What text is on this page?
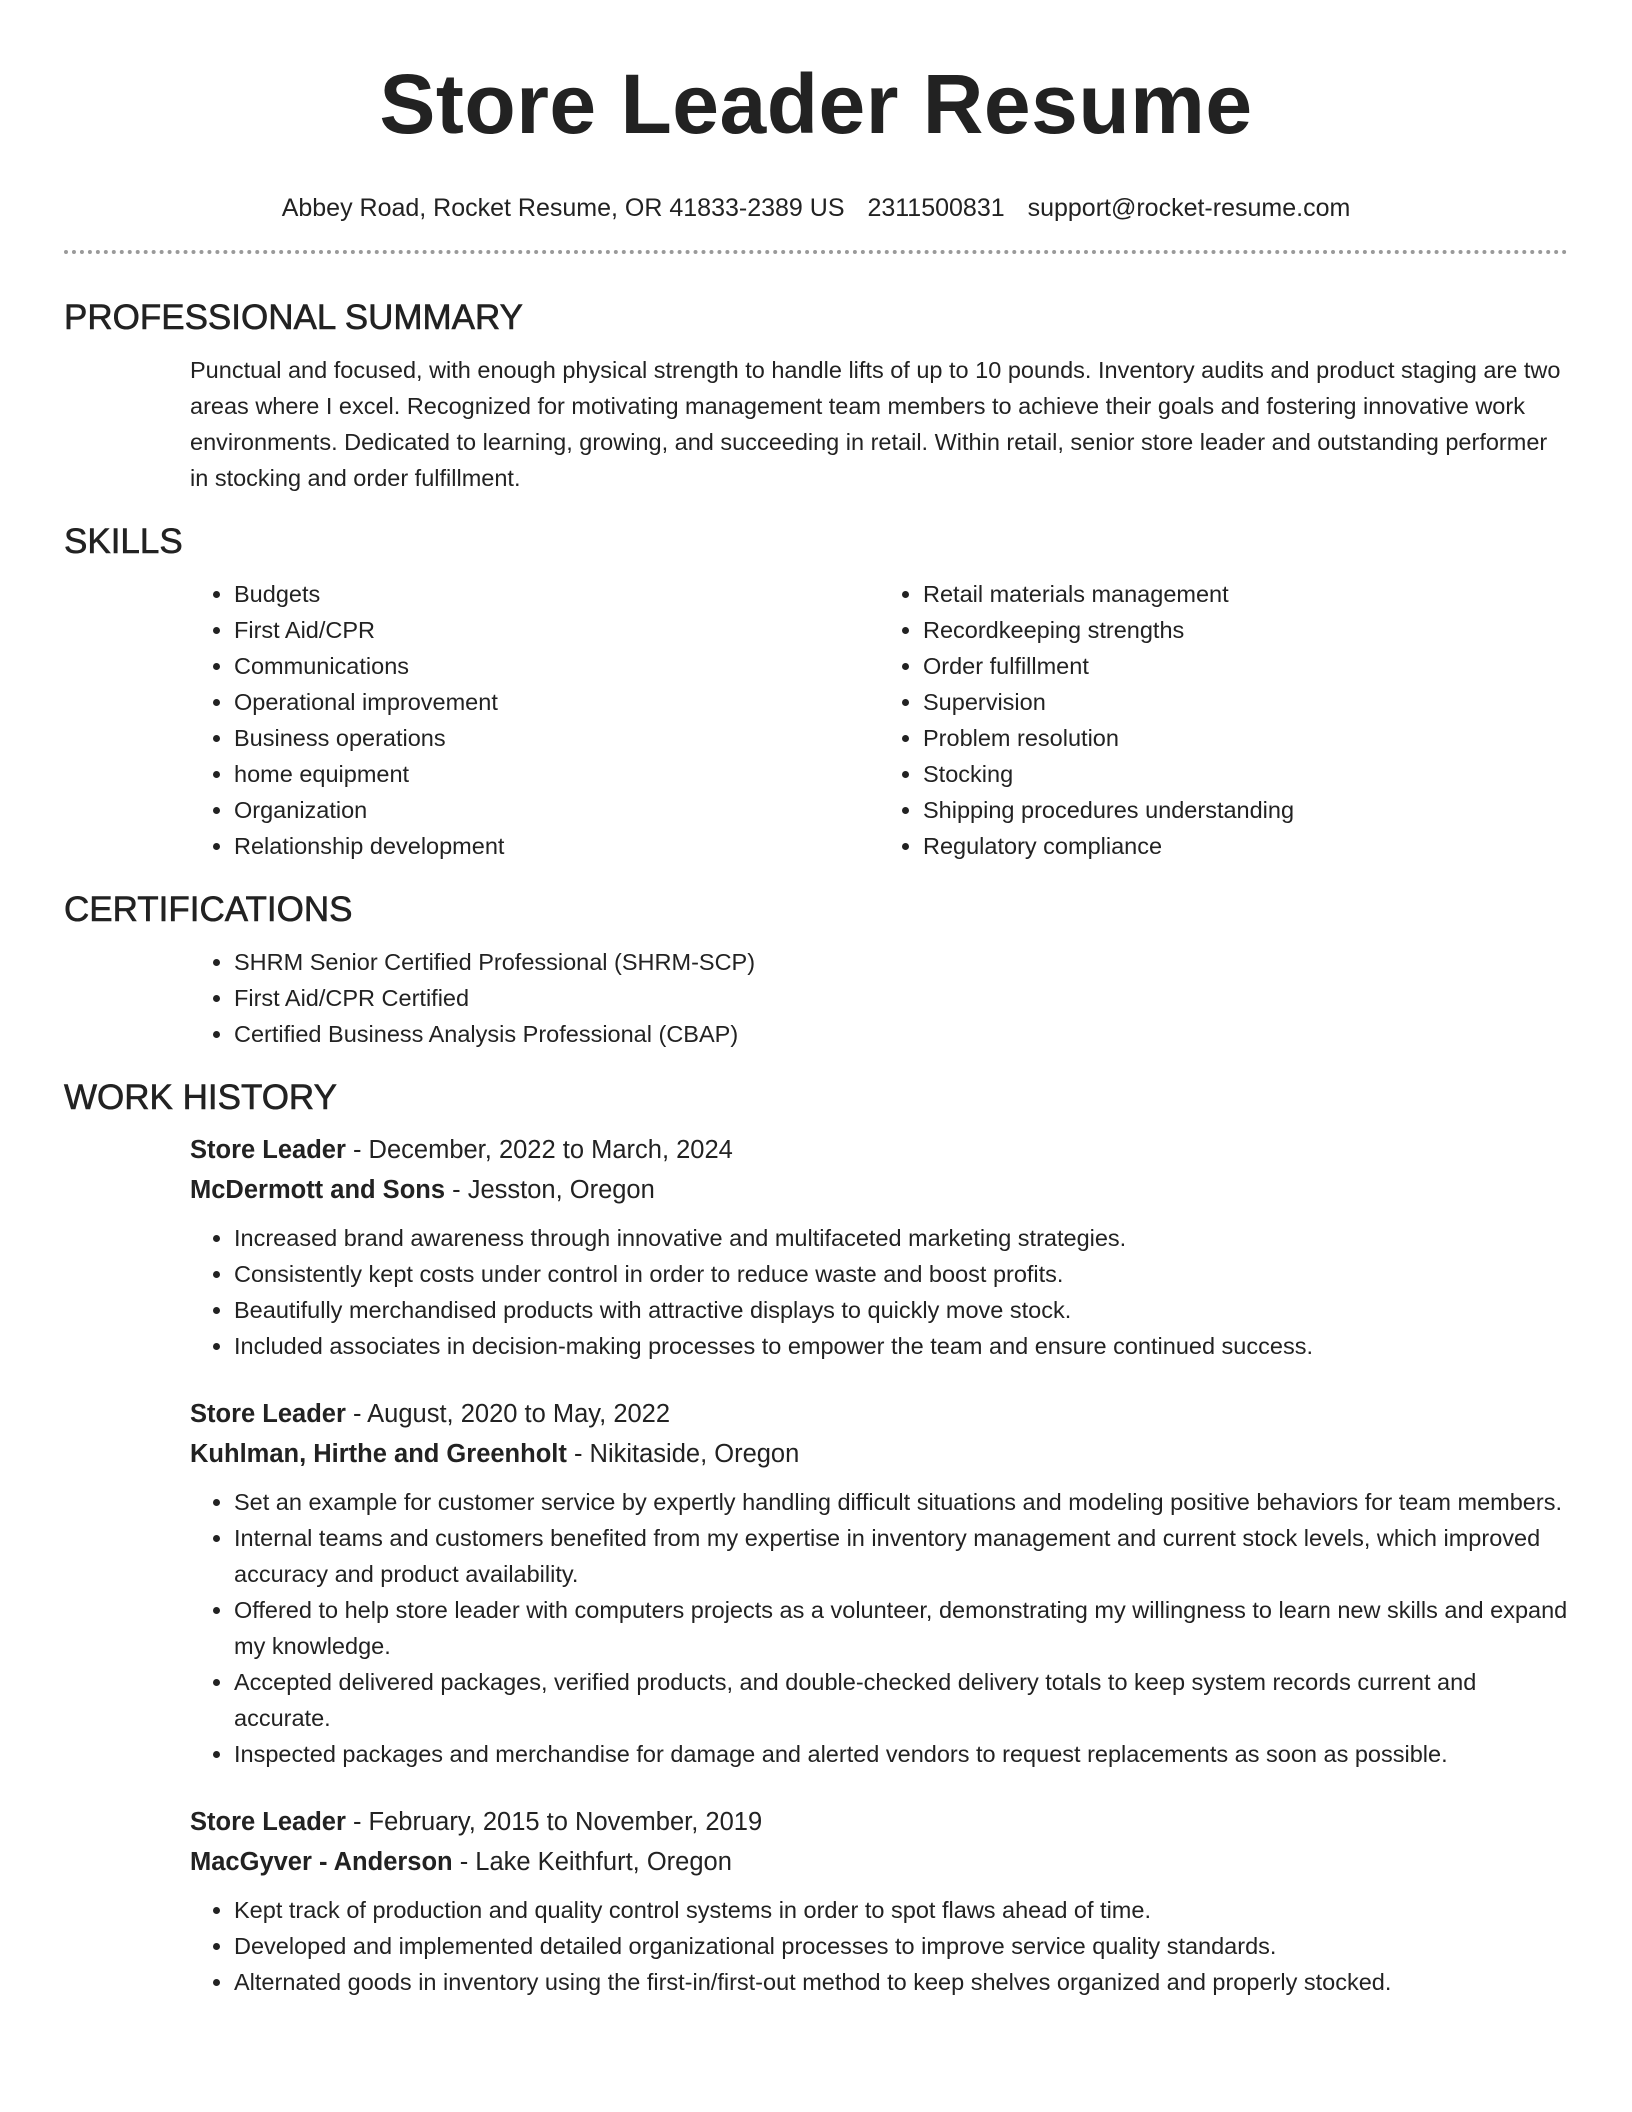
Store Leader Resume
Abbey Road, Rocket Resume, OR 41833-2389 US 2311500831 support@rocket-resume.com
PROFESSIONAL SUMMARY
Punctual and focused, with enough physical strength to handle lifts of up to 10 pounds. Inventory audits and product staging are two areas where I excel. Recognized for motivating management team members to achieve their goals and fostering innovative work environments. Dedicated to learning, growing, and succeeding in retail. Within retail, senior store leader and outstanding performer in stocking and order fulfillment.
SKILLS
• Budgets
• First Aid/CPR
• Communications
• Operational improvement
• Business operations
• home equipment
• Organization
• Relationship development
• Retail materials management
• Recordkeeping strengths
• Order fulfillment
• Supervision
• Problem resolution
• Stocking
• Shipping procedures understanding
• Regulatory compliance
CERTIFICATIONS
• SHRM Senior Certified Professional (SHRM-SCP)
• First Aid/CPR Certified
• Certified Business Analysis Professional (CBAP)
WORK HISTORY
Store Leader - December, 2022 to March, 2024
McDermott and Sons - Jesston, Oregon
• Increased brand awareness through innovative and multifaceted marketing strategies.
• Consistently kept costs under control in order to reduce waste and boost profits.
• Beautifully merchandised products with attractive displays to quickly move stock.
• Included associates in decision-making processes to empower the team and ensure continued success.
Store Leader - August, 2020 to May, 2022
Kuhlman, Hirthe and Greenholt - Nikitaside, Oregon
• Set an example for customer service by expertly handling difficult situations and modeling positive behaviors for team members.
• Internal teams and customers benefited from my expertise in inventory management and current stock levels, which improved accuracy and product availability.
• Offered to help store leader with computers projects as a volunteer, demonstrating my willingness to learn new skills and expand my knowledge.
• Accepted delivered packages, verified products, and double-checked delivery totals to keep system records current and accurate.
• Inspected packages and merchandise for damage and alerted vendors to request replacements as soon as possible.
Store Leader - February, 2015 to November, 2019
MacGyver - Anderson - Lake Keithfurt, Oregon
• Kept track of production and quality control systems in order to spot flaws ahead of time.
• Developed and implemented detailed organizational processes to improve service quality standards.
• Alternated goods in inventory using the first-in/first-out method to keep shelves organized and properly stocked.
